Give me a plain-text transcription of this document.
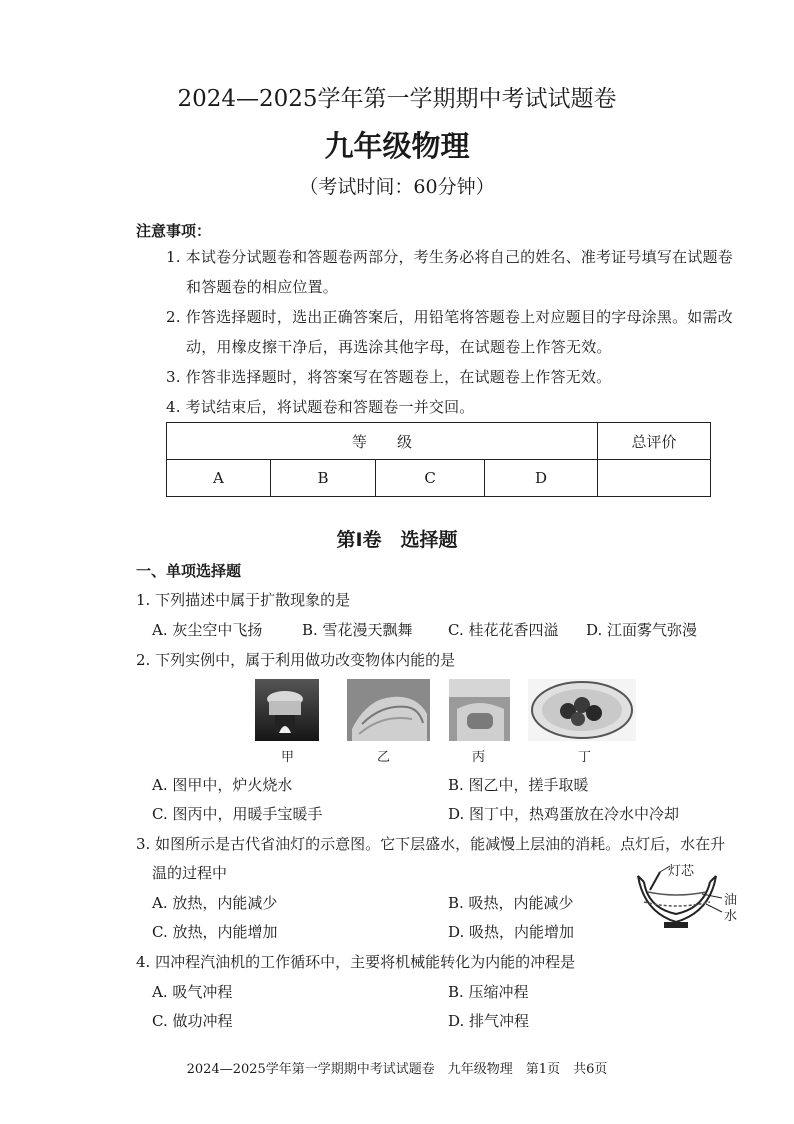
2024—2025学年第一学期期中考试试题卷
九年级物理
（考试时间：60分钟）
注意事项：
1. 本试卷分试题卷和答题卷两部分，考生务必将自己的姓名、准考证号填写在试题卷
和答题卷的相应位置。
2. 作答选择题时，选出正确答案后，用铅笔将答题卷上对应题目的字母涂黑。如需改
动，用橡皮擦干净后，再选涂其他字母，在试题卷上作答无效。
3. 作答非选择题时，将答案写在答题卷上，在试题卷上作答无效。
4. 考试结束后，将试题卷和答题卷一并交回。
等　　级				总评价
A	B	C	D	
第Ⅰ卷　选择题
一、单项选择题
1. 下列描述中属于扩散现象的是
A. 灰尘空中飞扬	B. 雪花漫天飘舞 C. 桂花花香四溢 D. 江面雾气弥漫
2. 下列实例中，属于利用做功改变物体内能的是
甲	乙	丙	丁
A. 图甲中，炉火烧水	B. 图乙中，搓手取暖
C. 图丙中，用暖手宝暖手	D. 图丁中，热鸡蛋放在冷水中冷却
3. 如图所示是古代省油灯的示意图。它下层盛水，能减慢上层油的消耗。点灯后，水在升
温的过程中
A. 放热，内能减少	B. 吸热，内能减少
C. 放热，内能增加	D. 吸热，内能增加
灯芯
油
水
4. 四冲程汽油机的工作循环中，主要将机械能转化为内能的冲程是
A. 吸气冲程	B. 压缩冲程
C. 做功冲程	D. 排气冲程
2024—2025学年第一学期期中考试试题卷　九年级物理　第1页　共6页
